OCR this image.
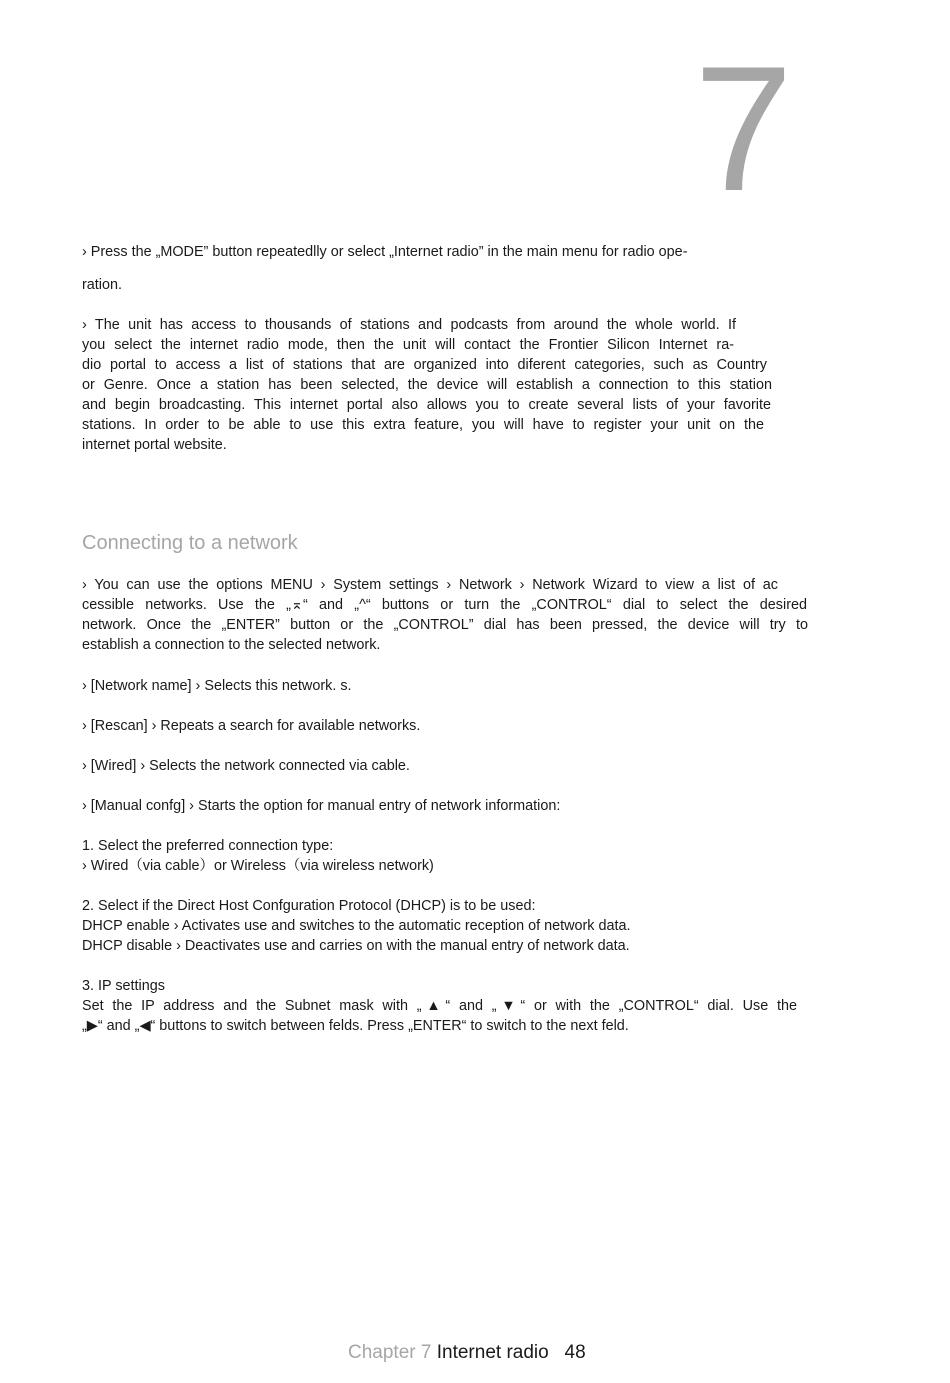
7
› Press the „MODE” button repeatedlly or select „Internet radio” in the main menu for radio ope-
ration.
› The unit has access to thousands of stations and podcasts from around the whole world. If
you select the internet radio mode, then the unit will contact the Frontier Silicon Internet ra-
dio portal to access a list of stations that are organized into diferent categories, such as Country
or Genre. Once a station has been selected, the device will establish a connection to this station
and begin broadcasting. This internet portal also allows you to create several lists of your favorite
stations. In order to be able to use this extra feature, you will have to register your unit on the
internet portal website.
Connecting to a network
› You can use the options MENU › System settings › Network › Network Wizard to view a list of ac
cessible networks. Use the „⌅“ and „^“ buttons or turn the „CONTROL“ dial to select the desired
network. Once the „ENTER” button or the „CONTROL” dial has been pressed, the device will try to
establish a connection to the selected network.
› [Network name] › Selects this network. s.
› [Rescan] › Repeats a search for available networks.
› [Wired] › Selects the network connected via cable.
› [Manual confg] › Starts the option for manual entry of network information:
1. Select the preferred connection type:
› Wired（via cable）or Wireless（via wireless network)
2. Select if the Direct Host Confguration Protocol (DHCP) is to be used:
DHCP enable › Activates use and switches to the automatic reception of network data.
DHCP disable › Deactivates use and carries on with the manual entry of network data.
3. IP settings
Set the IP address and the Subnet mask with „▲“ and „▼“ or with the „CONTROL“ dial. Use the
„▶“ and „◀“ buttons to switch between felds. Press „ENTER“ to switch to the next feld.
Chapter 7 Internet radio 48
